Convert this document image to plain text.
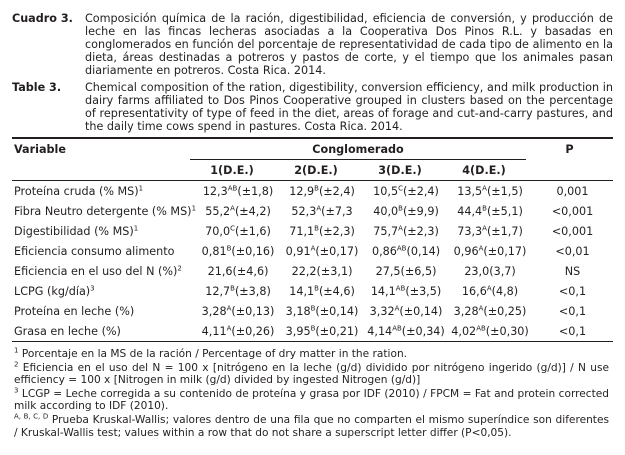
Cuadro 3.	Composición química de la ración, digestibilidad, eficiencia de conversión, y producción de leche en las fincas lecheras asociadas a la Cooperativa Dos Pinos R.L. y basadas en conglomerados en función del porcentaje de representatividad de cada tipo de alimento en la dieta, áreas destinadas a potreros y pastos de corte, y el tiempo que los animales pasan diariamente en potreros. Costa Rica. 2014.
Table 3.	Chemical composition of the ration, digestibility, conversion efficiency, and milk production in dairy farms affiliated to Dos Pinos Cooperative grouped in clusters based on the percentage of representativity of type of feed in the diet, areas of forage and cut-and-carry pastures, and the daily time cows spend in pastures. Costa Rica. 2014.
Variable	Conglomerado				P
	1(D.E.)	2(D.E.)	3(D.E.)	4(D.E.)	
Proteína cruda (% MS)$^1$	$12,3^{AB}(\pm 1,8)$	$12,9^B(\pm 2,4)$	$10,5^C(\pm 2,4)$	$13,5^A(\pm 1,5)$	0,001
Fibra Neutro detergente (% MS)$^1$	$55,2^A(\pm 4,2)$	$52,3^A(\pm 7,3$	$40,0^B(\pm 9,9)$	$44,4^B(\pm 5,1)$	<0,001
Digestibilidad (% MS)$^1$	$70,0^C(\pm 1,6)$	$71,1^B(\pm 2,3)$	$75,7^A(\pm 2,3)$	$73,3^A(\pm 1,7)$	<0,001
Eficiencia consumo alimento	$0,81^B(\pm 0,16)$	$0,91^A(\pm 0,17)$	$0,86^{AB}(0,14)$	$0,96^A(\pm 0,17)$	<0,01
Eficiencia en el uso del N (%)$^2$	21,6(±4,6)	22,2(±3,1)	27,5(±6,5)	23,0(3,7)	NS
LCPG (kg/día)$^3$	$12,7^B(\pm 3,8)$	$14,1^B(\pm 4,6)$	$14,1^{AB}(\pm 3,5)$	$16,6^A(4,8)$	<0,1
Proteína en leche (%)	$3,28^A(\pm 0,13)$	$3,18^B(\pm 0,14)$	$3,32^A(\pm 0,14)$	$3,28^A(\pm 0,25)$	<0,1
Grasa en leche (%)	$4,11^A(\pm 0,26)$	$3,95^B(\pm 0,21)$	$4,14^{AB}(\pm 0,34)$	$4,02^{AB}(\pm 0,30)$	<0,1

$^1$ Porcentaje en la MS de la ración / Percentage of dry matter in the ration.

$^2$ Eficiencia en el uso del N = 100 x [nitrógeno en la leche (g/d) dividido por nitrógeno ingerido (g/d)] / N use efficiency = 100 x [Nitrogen in milk (g/d) divided by ingested Nitrogen (g/d)]

$^3$ LCGP = Leche corregida a su contenido de proteína y grasa por IDF (2010) / FPCM = Fat and protein corrected milk according to IDF (2010).

$^{A, B, C, D}$ Prueba Kruskal-Wallis; valores dentro de una fila que no comparten el mismo superíndice son diferentes / Kruskal-Wallis test; values within a row that do not share a superscript letter differ (P<0,05).
